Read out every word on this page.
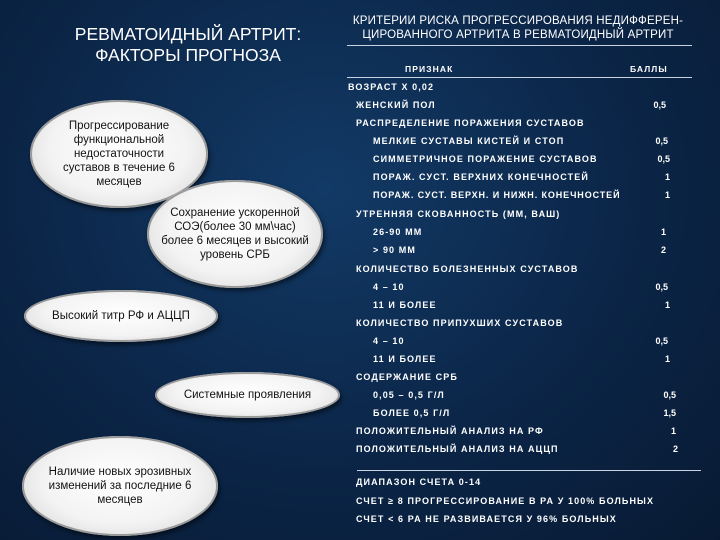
РЕВМАТОИДНЫЙ АРТРИТ:
ФАКТОРЫ ПРОГНОЗА
Прогрессирование
функциональной
недостаточности
суставов в течение 6
месяцев
Сохранение ускоренной
СОЭ(более 30 мм\час)
более 6 месяцев и высокий
уровень СРБ
Высокий титр РФ и АЦЦП
Системные проявления
Наличие новых эрозивных
изменений за последние 6
месяцев
КРИТЕРИИ РИСКА ПРОГРЕССИРОВАНИЯ НЕДИФФЕРЕН-
ЦИРОВАННОГО АРТРИТА В РЕВМАТОИДНЫЙ АРТРИТ
ПРИЗНАК	БАЛЛЫ
ВОЗРАСТ Х 0,02
ЖЕНСКИЙ ПОЛ	0,5
РАСПРЕДЕЛЕНИЕ ПОРАЖЕНИЯ СУСТАВОВ
МЕЛКИЕ СУСТАВЫ КИСТЕЙ И СТОП	0,5
СИММЕТРИЧНОЕ ПОРАЖЕНИЕ СУСТАВОВ	0,5
ПОРАЖ. СУСТ. ВЕРХНИХ КОНЕЧНОСТЕЙ	1
ПОРАЖ. СУСТ. ВЕРХН. И НИЖН. КОНЕЧНОСТЕЙ	1
УТРЕННЯЯ СКОВАННОСТЬ (ММ, ВАШ)
26-90 ММ	1
> 90 ММ	2
КОЛИЧЕСТВО БОЛЕЗНЕННЫХ СУСТАВОВ
4 – 10	0,5
11 И БОЛЕЕ	1
КОЛИЧЕСТВО ПРИПУХШИХ СУСТАВОВ
4 – 10	0,5
11 И БОЛЕЕ	1
СОДЕРЖАНИЕ СРБ
0,05 – 0,5 Г/Л	0,5
БОЛЕЕ 0,5 Г/Л	1,5
ПОЛОЖИТЕЛЬНЫЙ АНАЛИЗ НА РФ	1
ПОЛОЖИТЕЛЬНЫЙ АНАЛИЗ НА АЦЦП	2
ДИАПАЗОН СЧЕТА 0-14
СЧЕТ ≥ 8 ПРОГРЕССИРОВАНИЕ В РА У 100% БОЛЬНЫХ
СЧЕТ < 6 РА НЕ РАЗВИВАЕТСЯ У 96% БОЛЬНЫХ
